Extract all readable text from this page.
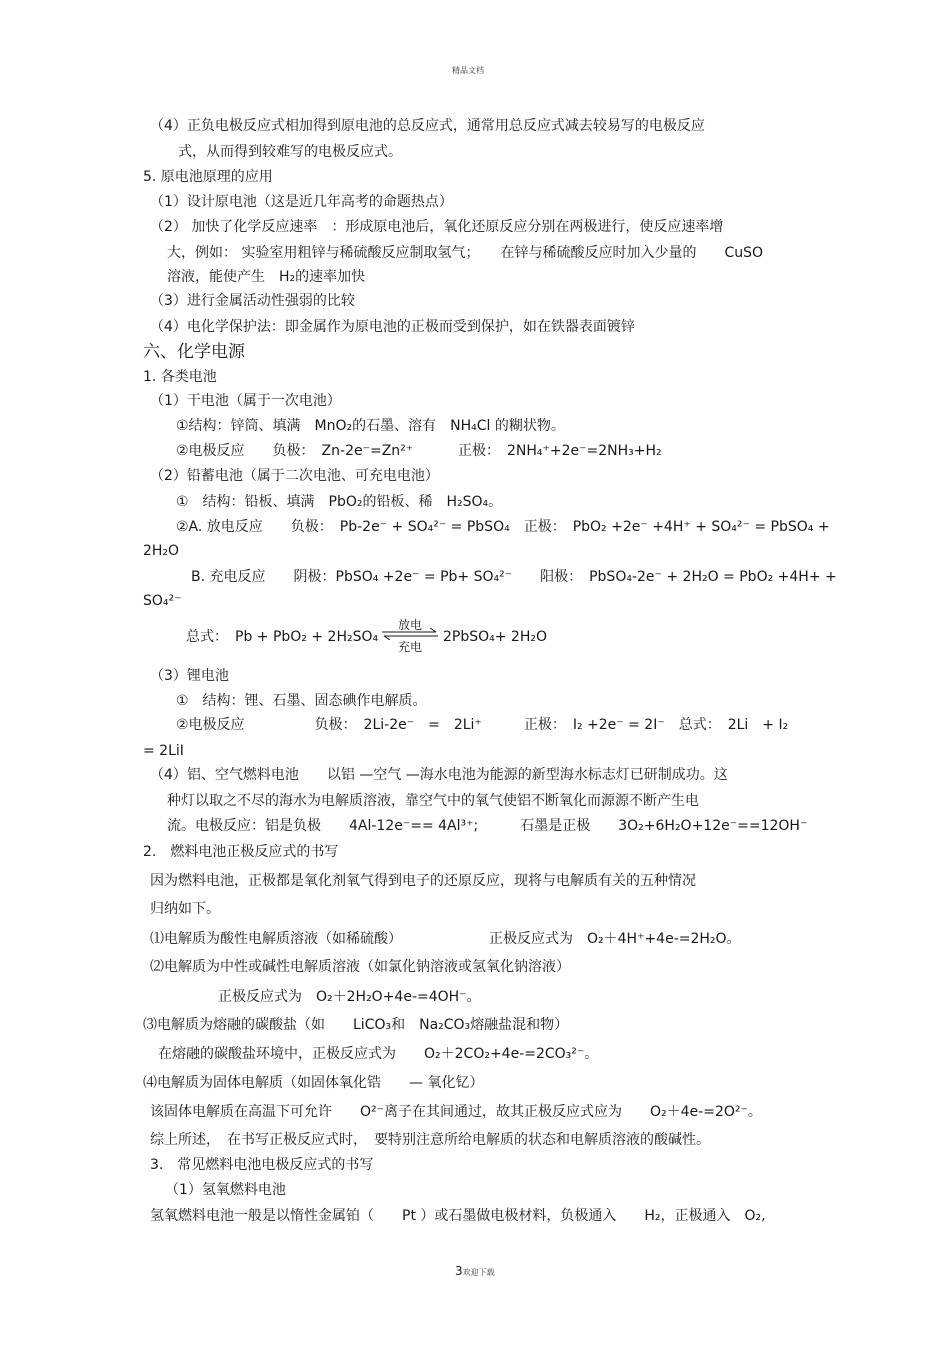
精品文档
（4）正负电极反应式相加得到原电池的总反应式，通常用总反应式减去较易写的电极反应
式，从而得到较难写的电极反应式。
5. 原电池原理的应用
（1）设计原电池（这是近几年高考的命题热点）
（2） 加快了化学反应速率　：形成原电池后，氧化还原反应分别在两极进行，使反应速率增
大，例如： 实验室用粗锌与稀硫酸反应制取氢气；　　在锌与稀硫酸反应时加入少量的　　CuSO
溶液，能使产生　H₂的速率加快
（3）进行金属活动性强弱的比较
（4）电化学保护法：即金属作为原电池的正极而受到保护，如在铁器表面镀锌
六、化学电源
1. 各类电池
（1）干电池（属于一次电池）
①结构：锌筒、填满　MnO₂的石墨、溶有　NH₄Cl 的糊状物。
②电极反应　　负极：　Zn-2e⁻=Zn²⁺	正极：　2NH₄⁺+2e⁻=2NH₃+H₂
（2）铅蓄电池（属于二次电池、可充电电池）
①　结构：铅板、填满　PbO₂的铅板、稀　H₂SO₄。
②A. 放电反应　　负极：　Pb-2e⁻ + SO₄²⁻ = PbSO₄　正极：　PbO₂ +2e⁻ +4H⁺ + SO₄²⁻ = PbSO₄ +
2H₂O
B. 充电反应　　阴极：PbSO₄ +2e⁻ = Pb+ SO₄²⁻　　阳极：　PbSO₄-2e⁻ + 2H₂O = PbO₂ +4H+ +
SO₄²⁻
总式：　Pb + PbO₂ + 2H₂SO₄
放电
充电
2PbSO₄+ 2H₂O
（3）锂电池
①　结构：锂、石墨、固态碘作电解质。
②电极反应　　　　　负极：　2Li-2e⁻　=　2Li⁺　　　正极：　I₂ +2e⁻ = 2I⁻　总式：　2Li　+ I₂
= 2LiI
（4）铝、空气燃料电池　　以铝 —空气 —海水电池为能源的新型海水标志灯已研制成功。这
种灯以取之不尽的海水为电解质溶液，靠空气中的氧气使铝不断氧化而源源不断产生电
流。电极反应：铝是负极　　4Al-12e⁻== 4Al³⁺;　　　石墨是正极　　3O₂+6H₂O+12e⁻==12OH⁻
2.　燃料电池正极反应式的书写
因为燃料电池，正极都是氧化剂氧气得到电子的还原反应，现将与电解质有关的五种情况
归纳如下。
⑴电解质为酸性电解质溶液（如稀硫酸）	正极反应式为　O₂＋4H⁺+4e-=2H₂O。
⑵电解质为中性或碱性电解质溶液（如氯化钠溶液或氢氧化钠溶液）
正极反应式为　O₂＋2H₂O+4e-=4OH⁻。
⑶电解质为熔融的碳酸盐（如　　LiCO₃和　Na₂CO₃熔融盐混和物）
在熔融的碳酸盐环境中，正极反应式为　　O₂＋2CO₂+4e-=2CO₃²⁻。
⑷电解质为固体电解质（如固体氧化锆　　— 氧化钇）
该固体电解质在高温下可允许　　O²⁻离子在其间通过，故其正极反应式应为　　O₂＋4e-=2O²⁻。
综上所述，　在书写正极反应式时，　要特别注意所给电解质的状态和电解质溶液的酸碱性。
3.　常见燃料电池电极反应式的书写
（1）氢氧燃料电池
氢氧燃料电池一般是以惰性金属铂（　　Pt ）或石墨做电极材料，负极通入　　H₂，正极通入　O₂,
3欢迎下载
